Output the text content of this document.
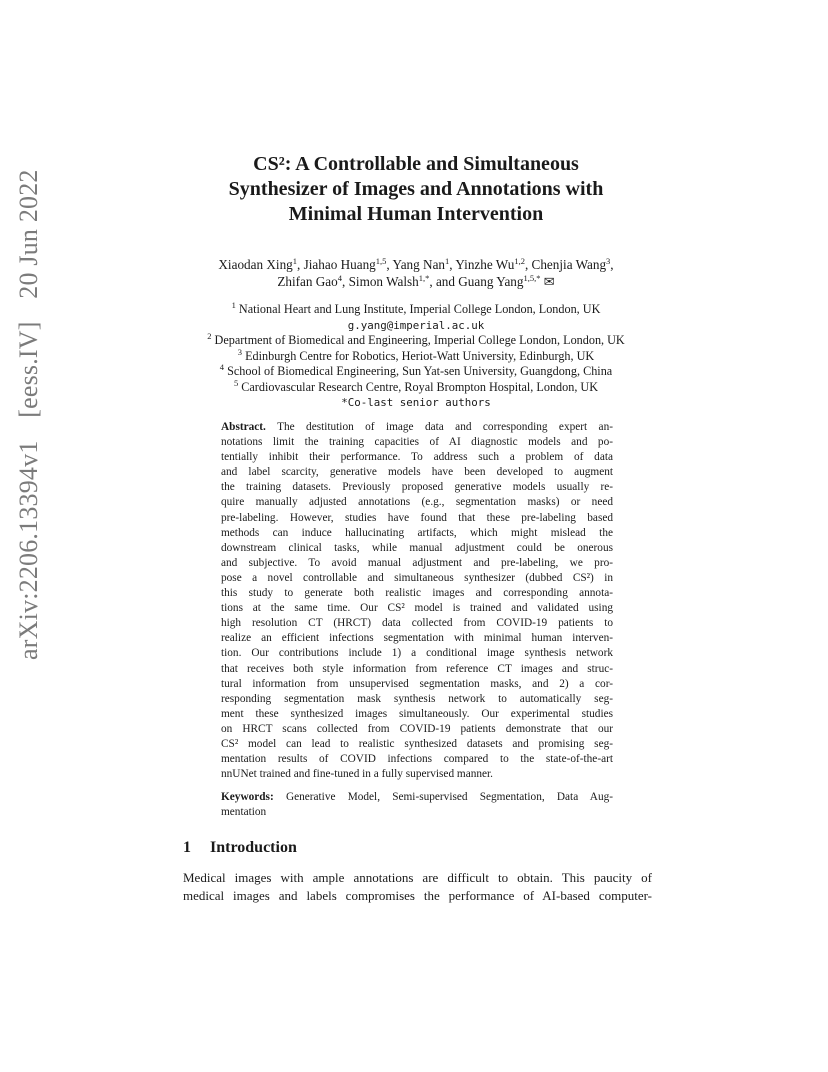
arXiv:2206.13394v1 [eess.IV] 20 Jun 2022
CS²: A Controllable and Simultaneous
Synthesizer of Images and Annotations with
Minimal Human Intervention
Xiaodan Xing$^1$, Jiahao Huang$^{1,5}$, Yang Nan$^1$, Yinzhe Wu$^{1,2}$, Chenjia Wang$^3$,
Zhifan Gao$^4$, Simon Walsh$^{1,*}$, and Guang Yang$^{1,5,*}$ ✉
$^1$ National Heart and Lung Institute, Imperial College London, London, UK
g.yang@imperial.ac.uk
$^2$ Department of Biomedical and Engineering, Imperial College London, London, UK
$^3$ Edinburgh Centre for Robotics, Heriot-Watt University, Edinburgh, UK
$^4$ School of Biomedical Engineering, Sun Yat-sen University, Guangdong, China
$^5$ Cardiovascular Research Centre, Royal Brompton Hospital, London, UK
*Co-last senior authors
Abstract. The destitution of image data and corresponding expert an-
notations limit the training capacities of AI diagnostic models and po-
tentially inhibit their performance. To address such a problem of data
and label scarcity, generative models have been developed to augment
the training datasets. Previously proposed generative models usually re-
quire manually adjusted annotations (e.g., segmentation masks) or need
pre-labeling. However, studies have found that these pre-labeling based
methods can induce hallucinating artifacts, which might mislead the
downstream clinical tasks, while manual adjustment could be onerous
and subjective. To avoid manual adjustment and pre-labeling, we pro-
pose a novel controllable and simultaneous synthesizer (dubbed CS²) in
this study to generate both realistic images and corresponding annota-
tions at the same time. Our CS² model is trained and validated using
high resolution CT (HRCT) data collected from COVID-19 patients to
realize an efficient infections segmentation with minimal human interven-
tion. Our contributions include 1) a conditional image synthesis network
that receives both style information from reference CT images and struc-
tural information from unsupervised segmentation masks, and 2) a cor-
responding segmentation mask synthesis network to automatically seg-
ment these synthesized images simultaneously. Our experimental studies
on HRCT scans collected from COVID-19 patients demonstrate that our
CS² model can lead to realistic synthesized datasets and promising seg-
mentation results of COVID infections compared to the state-of-the-art
nnUNet trained and fine-tuned in a fully supervised manner.
Keywords: Generative Model, Semi-supervised Segmentation, Data Aug-
mentation
1 Introduction
Medical images with ample annotations are difficult to obtain. This paucity of
medical images and labels compromises the performance of AI-based computer-
